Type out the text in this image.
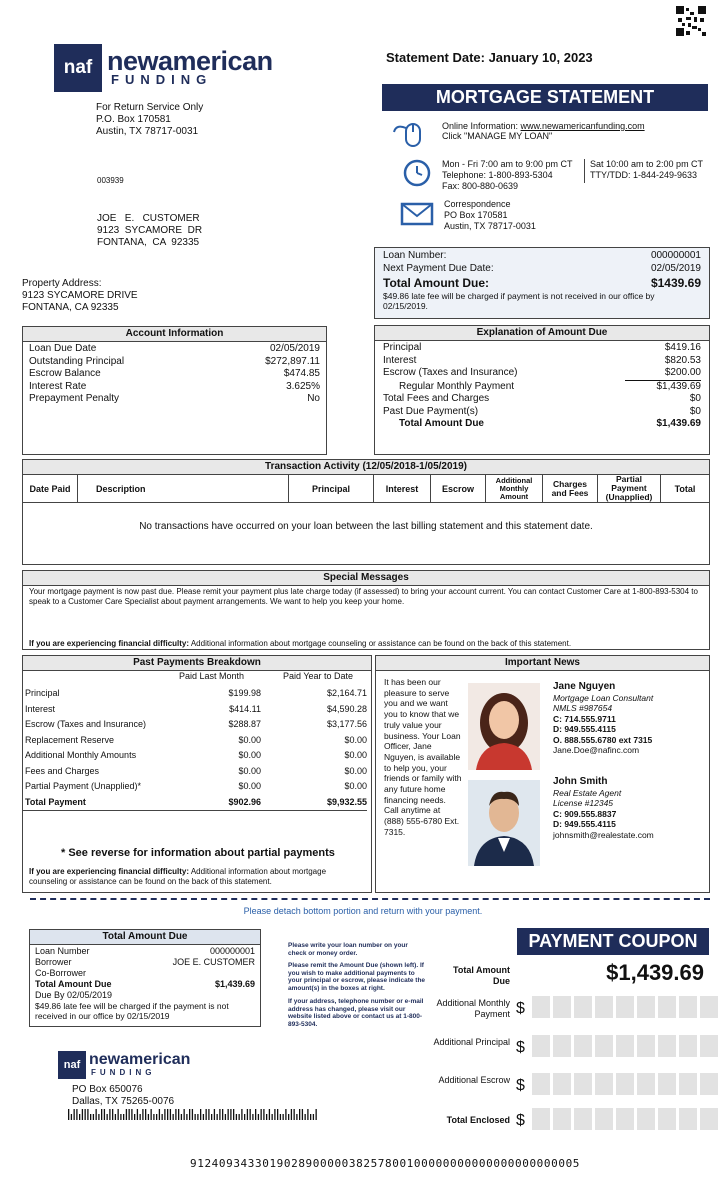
naf newamerican
FUNDING
For Return Service Only
P.O. Box 170581
Austin, TX 78717-0031
003939

JOE   E.   CUSTOMER
9123  SYCAMORE  DR
FONTANA,  CA  92335

Statement Date: January 10, 2023
MORTGAGE STATEMENT
Online Information: www.newamericanfunding.com
Click "MANAGE MY LOAN"
Mon - Fri 7:00 am to 9:00 pm CT
Telephone: 1-800-893-5304
Fax: 800-880-0639
Sat 10:00 am to 2:00 pm CT
TTY/TDD: 1-844-249-9633
Correspondence
PO Box 170581
Austin, TX 78717-0031
Property Address:
9123 SYCAMORE DRIVE
FONTANA, CA 92335
Loan Number:	000000001
Next Payment Due Date:	02/05/2019
Total Amount Due:	$1439.69
$49.86 late fee will be charged if payment is not received in our office by 02/15/2019.
Account Information
Loan Due Date	02/05/2019
Outstanding Principal	$272,897.11
Escrow Balance	$474.85
Interest Rate	3.625%
Prepayment Penalty	No
Explanation of Amount Due
Principal	$419.16
Interest	$820.53
Escrow (Taxes and Insurance)	$200.00
Regular Monthly Payment	$1,439.69
Total Fees and Charges	$0
Past Due Payment(s)	$0
Total Amount Due	$1,439.69
Transaction Activity (12/05/2018-1/05/2019)
Date Paid	Description	Principal	Interest	Escrow	Additional Monthly Amount	Charges and Fees	Partial Payment (Unapplied)	Total
No transactions have occurred on your loan between the last billing statement and this statement date.
Special Messages
Your mortgage payment is now past due. Please remit your payment plus late charge today (if assessed) to bring your account current. You can contact Customer Care at 1-800-893-5304 to speak to a Customer Care Specialist about payment arrangements. We want to help you keep your home.
If you are experiencing financial difficulty: Additional information about mortgage counseling or assistance can be found on the back of this statement.
Past Payments Breakdown
Paid Last Month	Paid Year to Date
Principal	$199.98	$2,164.71
Interest	$414.11	$4,590.28
Escrow (Taxes and Insurance)	$288.87	$3,177.56
Replacement Reserve	$0.00	$0.00
Additional Monthly Amounts	$0.00	$0.00
Fees and Charges	$0.00	$0.00
Partial Payment (Unapplied)*	$0.00	$0.00
Total Payment	$902.96	$9,932.55
* See reverse for information about partial payments
If you are experiencing financial difficulty: Additional information about mortgage counseling or assistance can be found on the back of this statement.
Important News
It has been our pleasure to serve you and we want you to know that we truly value your business. Your Loan Officer, Jane Nguyen, is available to help you, your friends or family with any future home financing needs. Call anytime at (888) 555-6780 Ext. 7315.
Jane Nguyen
Mortgage Loan Consultant
NMLS #987654
C: 714.555.9711
D: 949.555.4115
O. 888.555.6780 ext 7315
Jane.Doe@nafinc.com
John Smith
Real Estate Agent
License #12345
C: 909.555.8837
D: 949.555.4115
johnsmith@realestate.com
Please detach bottom portion and return with your payment.
Total Amount Due
Loan Number	000000001
Borrower	JOE E. CUSTOMER
Co-Borrower
Total Amount Due	$1,439.69
Due By 02/05/2019
$49.86 late fee will be charged if the payment is not received in our office by 02/15/2019
Please write your loan number on your check or money order.
Please remit the Amount Due (shown left). If you wish to make additional payments to your principal or escrow, please indicate the amount(s) in the boxes at right.
If your address, telephone number or e-mail address has changed, please visit our website listed above or contact us at 1-800-893-5304.
PAYMENT COUPON
Total Amount Due	$1,439.69
Additional Monthly Payment $
Additional Principal $
Additional Escrow $
Total Enclosed $
naf newamerican
FUNDING
PO Box 650076
Dallas, TX 75265-0076
912409343301902890000038257800100000000000000000000005
